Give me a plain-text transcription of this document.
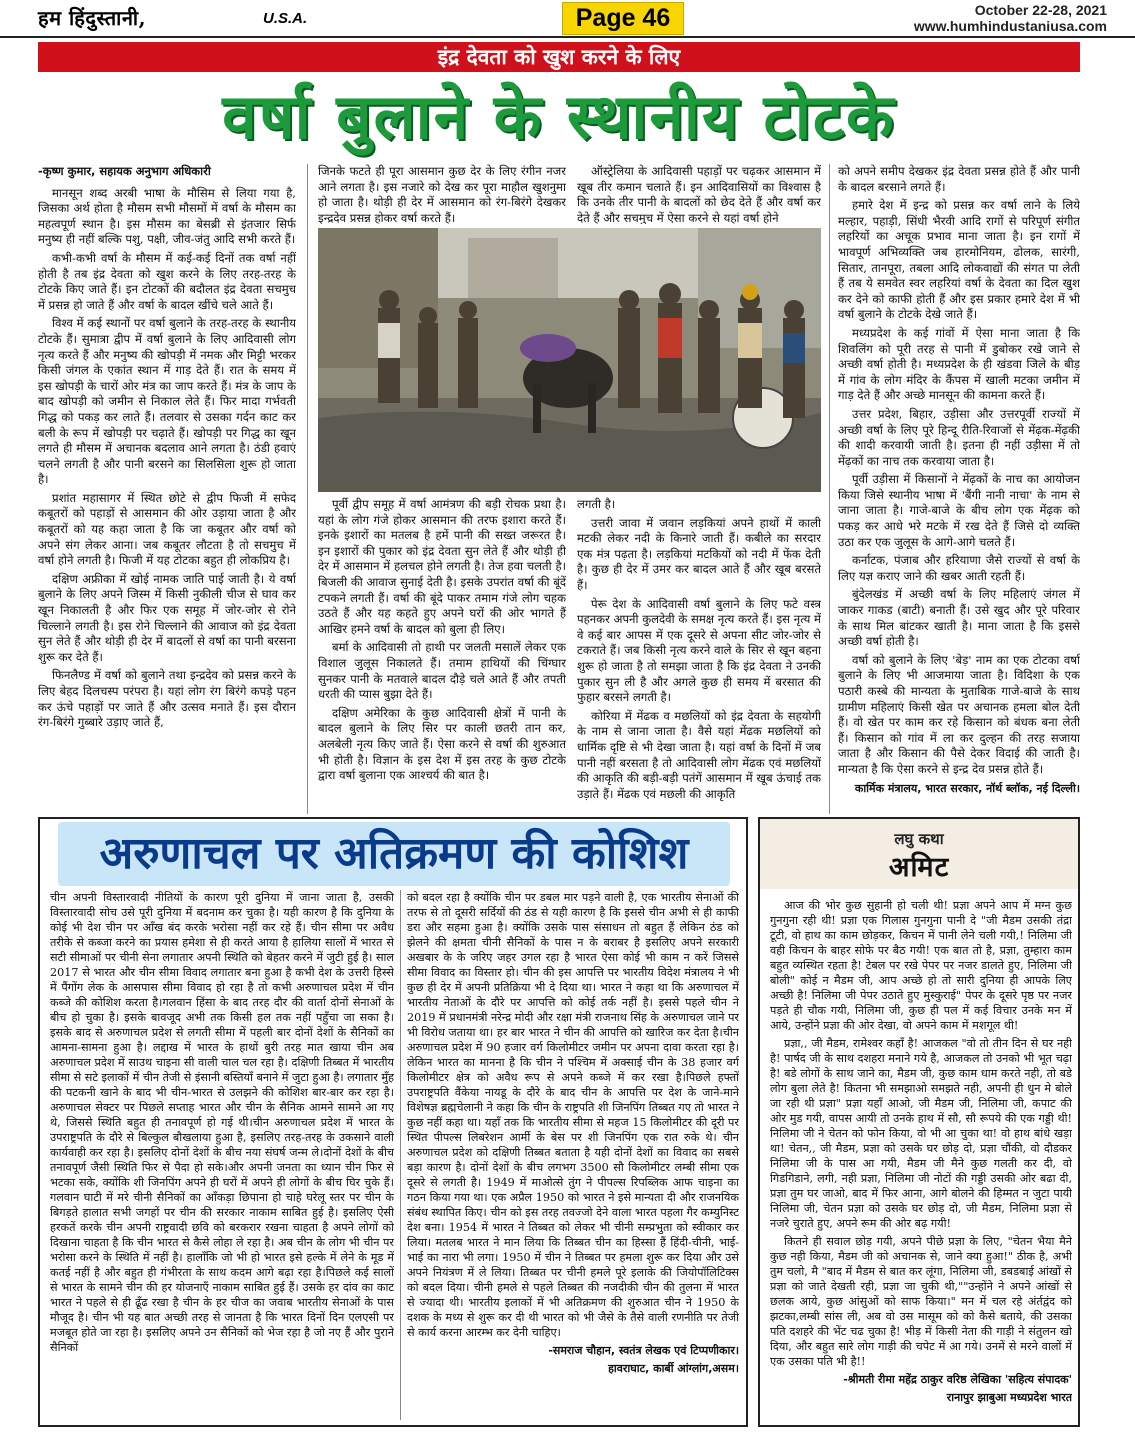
हम हिंदुस्तानी,	U.S.A.	Page 46	October 22-28, 2021
www.humhindustaniusa.com
इंद्र देवता को खुश करने के लिए
वर्षा बुलाने के स्थानीय टोटके

-कृष्ण कुमार, सहायक अनुभाग अधिकारी

मानसून शब्द अरबी भाषा के मौसिम से लिया गया है, जिसका अर्थ होता है मौसम सभी मौसमों में वर्षा के मौसम का महत्वपूर्ण स्थान है। इस मौसम का बेसब्री से इंतजार सिर्फ मनुष्य ही नहीं बल्कि पशु, पक्षी, जीव-जंतु आदि सभी करते हैं।

कभी-कभी वर्षा के मौसम में कई-कई दिनों तक वर्षा नहीं होती है तब इंद्र देवता को खुश करने के लिए तरह-तरह के टोटके किए जाते हैं। इन टोटकों की बदौलत इंद्र देवता सचमुच में प्रसन्न हो जाते हैं और वर्षा के बादल खींचे चले आते हैं।

विश्व में कई स्थानों पर वर्षा बुलाने के तरह-तरह के स्थानीय टोटके हैं। सुमात्रा द्वीप में वर्षा बुलाने के लिए आदिवासी लोग नृत्य करते हैं और मनुष्य की खोपड़ी में नमक और मिट्टी भरकर किसी जंगल के एकांत स्थान में गाड़ देते हैं। रात के समय में इस खोपड़ी के चारों ओर मंत्र का जाप करते हैं। मंत्र के जाप के बाद खोपड़ी को जमीन से निकाल लेते हैं। फिर मादा गर्भवती गिद्ध को पकड़ कर लाते हैं। तलवार से उसका गर्दन काट कर बली के रूप में खोपड़ी पर चढ़ाते हैं। खोपड़ी पर गिद्ध का खून लगते ही मौसम में अचानक बदलाव आने लगता है। ठंडी हवाएं चलने लगती है और पानी बरसने का सिलसिला शुरू हो जाता है।

प्रशांत महासागर में स्थित छोटे से द्वीप फिजी में सफेद कबूतरों को पहाड़ों से आसमान की ओर उड़ाया जाता है और कबूतरों को यह कहा जाता है कि जा कबूतर और वर्षा को अपने संग लेकर आना। जब कबूतर लौटता है तो सचमुच में वर्षा होने लगती है। फिजी में यह टोटका बहुत ही लोकप्रिय है।

दक्षिण अफ्रीका में खोई नामक जाति पाई जाती है। ये वर्षा बुलाने के लिए अपने जिस्म में किसी नुकीली चीज से घाव कर खून निकालती है और फिर एक समूह में जोर-जोर से रोने चिल्लाने लगती है। इस रोने चिल्लाने की आवाज को इंद्र देवता सुन लेते हैं और थोड़ी ही देर में बादलों से वर्षा का पानी बरसना शुरू कर देते हैं।

फिनलैण्ड में वर्षा को बुलाने तथा इन्द्रदेव को प्रसन्न करने के लिए बेहद दिलचस्प परंपरा है। यहां लोग रंग बिरंगे कपड़े पहन कर ऊंचे पहाड़ों पर जाते हैं और उत्सव मनाते हैं। इस दौरान रंग-बिरंगे गुब्बारे उड़ाए जाते हैं,

जिनके फटते ही पूरा आसमान कुछ देर के लिए रंगीन नजर आने लगता है। इस नजारे को देख कर पूरा माहौल खुशनुमा हो जाता है। थोड़ी ही देर में आसमान को रंग-बिरंगे देखकर इन्द्रदेव प्रसन्न होकर वर्षा करते हैं।

ऑस्ट्रेलिया के आदिवासी पहाड़ों पर चढ़कर आसमान में खूब तीर कमान चलाते हैं। इन आदिवासियों का विश्वास है कि उनके तीर पानी के बादलों को छेद देते हैं और वर्षा कर देते हैं और सचमुच में ऐसा करने से यहां वर्षा होने

पूर्वी द्वीप समूह में वर्षा आमंत्रण की बड़ी रोचक प्रथा है। यहां के लोग गंजे होकर आसमान की तरफ इशारा करते हैं। इनके इशारों का मतलब है हमें पानी की सख्त जरूरत है। इन इशारों की पुकार को इंद्र देवता सुन लेते हैं और थोड़ी ही देर में आसमान में हलचल होने लगती है। तेज हवा चलती है। बिजली की आवाज सुनाई देती है। इसके उपरांत वर्षा की बूंदें टपकने लगती हैं। वर्षा की बूंदे पाकर तमाम गंजे लोग चहक उठते हैं और यह कहते हुए अपने घरों की ओर भागते हैं आखिर हमने वर्षा के बादल को बुला ही लिए।

बर्मा के आदिवासी तो हाथी पर जलती मसालें लेकर एक विशाल जुलूस निकालते हैं। तमाम हाथियों की चिंग्घार सुनकर पानी के मतवाले बादल दौड़े चले आते हैं और तपती धरती की प्यास बुझा देते हैं।

दक्षिण अमेरिका के कुछ आदिवासी क्षेत्रों में पानी के बादल बुलाने के लिए सिर पर काली छतरी तान कर, अलबेली नृत्य किए जाते हैं। ऐसा करने से वर्षा की शुरुआत भी होती है। विज्ञान के इस देश में इस तरह के कुछ टोटके द्वारा वर्षा बुलाना एक आश्चर्य की बात है।

लगती है।

उत्तरी जावा में जवान लड़कियां अपने हाथों में काली मटकी लेकर नदी के किनारे जाती हैं। कबीले का सरदार एक मंत्र पढ़ता है। लड़कियां मटकियों को नदी में फेंक देती है। कुछ ही देर में उमर कर बादल आते हैं और खूब बरसते हैं।

पेरू देश के आदिवासी वर्षा बुलाने के लिए फटे वस्त्र पहनकर अपनी कुलदेवी के समक्ष नृत्य करते हैं। इस नृत्य में वे कई बार आपस में एक दूसरे से अपना सीट जोर-जोर से टकराते हैं। जब किसी नृत्य करने वाले के सिर से खून बहना शुरू हो जाता है तो समझा जाता है कि इंद्र देवता ने उनकी पुकार सुन ली है और अगले कुछ ही समय में बरसात की फुहार बरसने लगती है।

कोरिया में मेंढक व मछलियों को इंद्र देवता के सहयोगी के नाम से जाना जाता है। वैसे यहां मेंढक मछलियों को धार्मिक दृष्टि से भी देखा जाता है। यहां वर्षा के दिनों में जब पानी नहीं बरसता है तो आदिवासी लोग मेंढक एवं मछलियों की आकृति की बड़ी-बड़ी पतंगें आसमान में खूब ऊंचाई तक उड़ाते हैं। मेंढक एवं मछली की आकृति

को अपने समीप देखकर इंद्र देवता प्रसन्न होते हैं और पानी के बादल बरसाने लगते हैं।

हमारे देश में इन्द्र को प्रसन्न कर वर्षा लाने के लिये मल्हार, पहाड़ी, सिंधी भैरवी आदि रागों से परिपूर्ण संगीत लहरियों का अचूक प्रभाव माना जाता है। इन रागों में भावपूर्ण अभिव्यक्ति जब हारमोनियम, ढोलक, सारंगी, सितार, तानपूरा, तबला आदि लोकवाद्यों की संगत पा लेती हैं तब ये समवेत स्वर लहरियां वर्षा के देवता का दिल खुश कर देने को काफी होती हैं और इस प्रकार हमारे देश में भी वर्षा बुलाने के टोटके देखे जाते हैं।

मध्यप्रदेश के कई गांवों में ऐसा माना जाता है कि शिवलिंग को पूरी तरह से पानी में डुबोकर रखे जाने से अच्छी वर्षा होती है। मध्यप्रदेश के ही खंडवा जिले के बीड़ में गांव के लोग मंदिर के कैंपस में खाली मटका जमीन में गाड़ देते हैं और अच्छे मानसून की कामना करते हैं।

उत्तर प्रदेश, बिहार, उड़ीसा और उत्तरपूर्वी राज्यों में अच्छी वर्षा के लिए पूरे हिन्दू रीति-रिवाजों से मेंढ़क-मेंढ़की की शादी करवायी जाती है। इतना ही नहीं उड़ीसा में तो मेंढ़कों का नाच तक करवाया जाता है।

पूर्वी उड़ीसा में किसानों ने मेंढ़कों के नाच का आयोजन किया जिसे स्थानीय भाषा में 'बैंगी नानी नाचा' के नाम से जाना जाता है। गाजे-बाजे के बीच लोग एक मेंढ़क को पकड़ कर आधे भरे मटके में रख देते हैं जिसे दो व्यक्ति उठा कर एक जुलूस के आगे-आगे चलते हैं।

कर्नाटक, पंजाब और हरियाणा जैसे राज्यों से वर्षा के लिए यज्ञ कराए जाने की खबर आती रहती हैं।

बुंदेलखंड में अच्छी वर्षा के लिए महिलाएं जंगल में जाकर गाकड (बाटी) बनाती हैं। उसे खुद और पूरे परिवार के साथ मिल बांटकर खाती है। माना जाता है कि इससे अच्छी वर्षा होती है।

वर्षा को बुलाने के लिए 'बेड़' नाम का एक टोटका वर्षा बुलाने के लिए भी आजमाया जाता है। विदिशा के एक पठारी कस्बे की मान्यता के मुताबिक गाजे-बाजे के साथ ग्रामीण महिलाएं किसी खेत पर अचानक हमला बोल देती हैं। वो खेत पर काम कर रहे किसान को बंधक बना लेती हैं। किसान को गांव में ला कर दुल्हन की तरह सजाया जाता है और किसान की पैसे देकर विदाई की जाती है। मान्यता है कि ऐसा करने से इन्द्र देव प्रसन्न होते हैं।

कार्मिक मंत्रालय, भारत सरकार, नॉर्थ ब्लॉक, नई दिल्ली।

अरुणाचल पर अतिक्रमण की कोशिश

चीन अपनी विस्तारवादी नीतियों के कारण पूरी दुनिया में जाना जाता है, उसकी विस्तारवादी सोच उसे पूरी दुनिया में बदनाम कर चुका है। यही कारण है कि दुनिया के कोई भी देश चीन पर आँख बंद करके भरोसा नहीं कर रहे हैं। चीन सीमा पर अवैध तरीके से कब्जा करने का प्रयास हमेशा से ही करते आया है हालिया सालों में भारत से सटी सीमाओं पर चीनी सेना लगातार अपनी स्थिति को बेहतर करने में जुटी हुई है। साल 2017 से भारत और चीन सीमा विवाद लगातार बना हुआ है कभी देश के उत्तरी हिस्से में पैंगोंग लेक के आसपास सीमा विवाद हो रहा है तो कभी अरुणाचल प्रदेश में चीन कब्जे की कोशिश करता है।गलवान हिंसा के बाद तरह दौर की वार्ता दोनों सेनाओं के बीच हो चुका है। इसके बावजूद अभी तक किसी हल तक नहीं पहुँचा जा सका है। इसके बाद से अरुणाचल प्रदेश से लगती सीमा में पहली बार दोनों देशों के सैनिकों का आमना-सामना हुआ है। लद्दाख में भारत के हाथों बुरी तरह मात खाया चीन अब अरुणाचल प्रदेश में साउथ चाइना सी वाली चाल चल रहा है। दक्षिणी तिब्बत में भारतीय सीमा से सटे इलाकों में चीन तेजी से इंसानी बस्तियाँ बनाने में जुटा हुआ है। लगातार मुँह की पटकनी खाने के बाद भी चीन-भारत से उलझने की कोशिश बार-बार कर रहा है।अरुणाचल सेक्टर पर पिछले सप्ताह भारत और चीन के सैनिक आमने सामने आ गए थे, जिससे स्थिति बहुत ही तनावपूर्ण हो गई थी।चीन अरुणाचल प्रदेश में भारत के उपराष्ट्रपति के दौरे से बिल्कुल बौखलाया हुआ है, इसलिए तरह-तरह के उकसाने वाली कार्यवाही कर रहा है। इसलिए दोनों देशों के बीच नया संघर्ष जन्म ले।दोनों देशों के बीच तनावपूर्ण जैसी स्थिति फिर से पैदा हो सके।और अपनी जनता का ध्यान चीन फिर से भटका सके, क्योंकि शी जिनपिंग अपने ही घरों में अपने ही लोगों के बीच घिर चुके हैं।गलवान घाटी में मरे चीनी सैनिकों का आँकड़ा छिपाना हो चाहे घरेलू स्तर पर चीन के बिगड़ते हालात सभी जगहों पर चीन की सरकार नाकाम साबित हुई है। इसलिए ऐसी हरकतें करके चीन अपनी राष्ट्रवादी छवि को बरकरार रखना चाहता है अपने लोगों को दिखाना चाहता है कि चीन भारत से कैसे लोहा ले रहा है। अब चीन के लोग भी चीन पर भरोसा करने के स्थिति में नहीं है। हालाँकि जो भी हो भारत इसे हल्के में लेने के मूड में कतई नहीं है और बहुत ही गंभीरता के साथ कदम आगे बढ़ा रहा है।पिछले कई सालों से भारत के सामने चीन की हर योजनाएँ नाकाम साबित हुई हैं। उसके हर दांव का काट भारत ने पहले से ही ढूँढ रखा है चीन के हर चीज का जवाब भारतीय सेनाओं के पास मौजूद है। चीन भी यह बात अच्छी तरह से जानता है कि भारत दिनों दिन एलएसी पर मजबूत होते जा रहा है। इसलिए अपने उन सैनिकों को भेज रहा है जो नए हैं और पुराने सैनिकों

को बदल रहा है क्योंकि चीन पर डबल मार पड़ने वाली है, एक भारतीय सेनाओं की तरफ से तो दूसरी सर्दियों की ठंड से यही कारण है कि इससे चीन अभी से ही काफी डरा और सहमा हुआ है। क्योंकि उसके पास संसाधन तो बहुत हैं लेकिन ठंड को झेलने की क्षमता चीनी सैनिकों के पास न के बराबर है इसलिए अपने सरकारी अखबार के के जरिए जहर उगल रहा है भारत ऐसा कोई भी काम न करें जिससे सीमा विवाद का विस्तार हो। चीन की इस आपत्ति पर भारतीय विदेश मंत्रालय ने भी कुछ ही देर में अपनी प्रतिक्रिया भी दे दिया था। भारत ने कहा था कि अरुणाचल में भारतीय नेताओं के दौरे पर आपत्ति को कोई तर्क नहीं है। इससे पहले चीन ने 2019 में प्रधानमंत्री नरेन्द्र मोदी और रक्षा मंत्री राजनाथ सिंह के अरुणाचल जाने पर भी विरोध जताया था। हर बार भारत ने चीन की आपत्ति को खारिज कर देता है।चीन अरुणाचल प्रदेश में 90 हजार वर्ग किलोमीटर जमीन पर अपना दावा करता रहा है। लेकिन भारत का मानना है कि चीन ने पश्चिम में अक्साई चीन के 38 हजार वर्ग किलोमीटर क्षेत्र को अवैध रूप से अपने कब्जे में कर रखा है।पिछले हफ्तों उपराष्ट्रपति वैंकेया नायडू के दौरे के बाद चीन के आपत्ति पर देश के जाने-माने विशेषज्ञ ब्रह्मचेलानी ने कहा कि चीन के राष्ट्रपति शी जिनपिंग तिब्बत गए तो भारत ने कुछ नहीं कहा था। यहाँ तक कि भारतीय सीमा से महज 15 किलोमीटर की दूरी पर स्थित पीपल्स लिबरेशन आर्मी के बेस पर शी जिनपिंग एक रात रुके थे। चीन अरुणाचल प्रदेश को दक्षिणी तिब्बत बताता है यही दोनों देशों का विवाद का सबसे बड़ा कारण है। दोनों देशों के बीच लगभग 3500 सौ किलोमीटर लम्बी सीमा एक दूसरे से लगती है। 1949 में माओत्से तुंग ने पीपल्स रिपब्लिक आफ चाइना का गठन किया गया था। एक अप्रैल 1950 को भारत ने इसे मान्यता दी और राजनयिक संबंध स्थापित किए। चीन को इस तरह तवज्जो देने वाला भारत पहला गैर कम्युनिस्ट देश बना। 1954 में भारत ने तिब्बत को लेकर भी चीनी सम्प्रभुता को स्वीकार कर लिया। मतलब भारत ने मान लिया कि तिब्बत चीन का हिस्सा हैं हिंदी-चीनी, भाई-भाई का नारा भी लगा। 1950 में चीन ने तिब्बत पर हमला शुरू कर दिया और उसे अपने नियंत्रण में ले लिया। तिब्बत पर चीनी हमले पूरे इलाके की जियोपॉलिटिक्स को बदल दिया। चीनी हमले से पहले तिब्बत की नजदीकी चीन की तुलना में भारत से ज्यादा थी। भारतीय इलाकों में भी अतिक्रमण की शुरुआत चीन ने 1950 के दशक के मध्य से शुरू कर दी थी भारत को भी जैसे के तैसे वाली रणनीति पर तेजी से कार्य करना आरम्भ कर देनी चाहिए।

-समराज चौहान, स्वतंत्र लेखक एवं टिप्पणीकार।

हावराघाट, कार्बी आंग्लांग,असम।

लघु कथा
अमिट

आज की भोर कुछ सुहानी हो चली थी! प्रज्ञा अपने आप में मग्न कुछ गुनगुना रही थी! प्रज्ञा एक गिलास गुनगुना पानी दे "जी मैडम उसकी तंद्रा टूटी, वो हाथ का काम छोड़कर, किचन में पानी लेने चली गयी,! निलिमा जी वही किचन के बाहर सोफे पर बैठ गयी! एक बात तो है, प्रज्ञा, तुम्हारा काम बहुत व्यस्थित रहता है! टेबल पर रखे पेपर पर नजर डालते हुए, निलिमा जी बोली" कोई न मैडम जी, आप अच्छे हो तो सारी दुनिया ही आपके लिए अच्छी है! निलिमा जी पेपर उठाते हुए मुस्कुराई" पेपर के दूसरे पृष्ठ पर नजर पड़ते ही चौक गयी, निलिमा जी, कुछ ही पल में कई विचार उनके मन में आये, उन्होंने प्रज्ञा की ओर देखा, वो अपने काम में मशगूल थी!

प्रज्ञा,, जी मैडम, रामेश्वर कहाँ है! आजकल "वो तो तीन दिन से घर नही है! पार्षद जी के साथ दशहरा मनाने गये है, आजकल तो उनको भी भूत चढ़ा है! बडे लोगों के साथ जाने का, मैडम जी, कुछ काम धाम करते नही, तो बडे लोग बुला लेते है! कितना भी समझाओ समझते नही, अपनी ही धुन मे बोले जा रही थी प्रज्ञा" प्रज्ञा यहाँ आओ, जी मैडम जी, निलिमा जी, कपाट की ओर मुड गयी, वापस आयी तो उनके हाथ में सौ, सौ रूपये की एक गड्डी थी! निलिमा जी ने चेतन को फोन किया, वो भी आ चुका था! वो हाथ बांधे खड़ा था! चेतन,, जी मैडम, प्रज्ञा को उसके घर छोड़ दो, प्रज्ञा चौंकी, वो दौडकर निलिमा जी के पास आ गयी, मैडम जी मैने कुछ गलती कर दी, वो गिडगिडाने, लगी, नही प्रज्ञा, निलिमा जी नोटों की गड्डी उसकी ओर बढा दी, प्रज्ञा तुम घर जाओ, बाद में फिर आना, आगे बोलने की हिम्मत न जुटा पायी निलिमा जी, चेतन प्रज्ञा को उसके घर छोड़ दो, जी मैडम, निलिमा प्रज्ञा से नजरे चुराते हुए, अपने रूम की ओर बढ़ गयी!

कितने ही सवाल छोड़ गयी, अपने पीछे प्रज्ञा के लिए, "चेतन भैया मैने कुछ नही किया, मैडम जी को अचानक से, जाने क्या हुआ!" ठीक है, अभी तुम चलो, मै "बाद में मैडम से बात कर लूंगा, निलिमा जी, डबडबाई आंखों से प्रज्ञा को जाते देखती रही, प्रज्ञा जा चुकी थी,""उन्होंने ने अपने आंखों से छलक आये, कुछ आंसुओं को साफ किया।" मन में चल रहे अंर्तद्वंद को झटका,लम्बी सांस ली, अब वो उस मासूम को को कैसे बताये, की उसका पति दशहरे की भेंट चढ चुका है! भीड़ में किसी नेता की गाड़ी ने संतुलन खो दिया, और बहुत सारे लोग गाड़ी की चपेट में आ गये। उनमें से मरने वालों में एक उसका पति भी है!!

-श्रीमती रीमा महेंद्र ठाकुर वरिष्ठ लेखिका 'सहित्य संपादक'

रानापुर झाबुआ मध्यप्रदेश भारत
